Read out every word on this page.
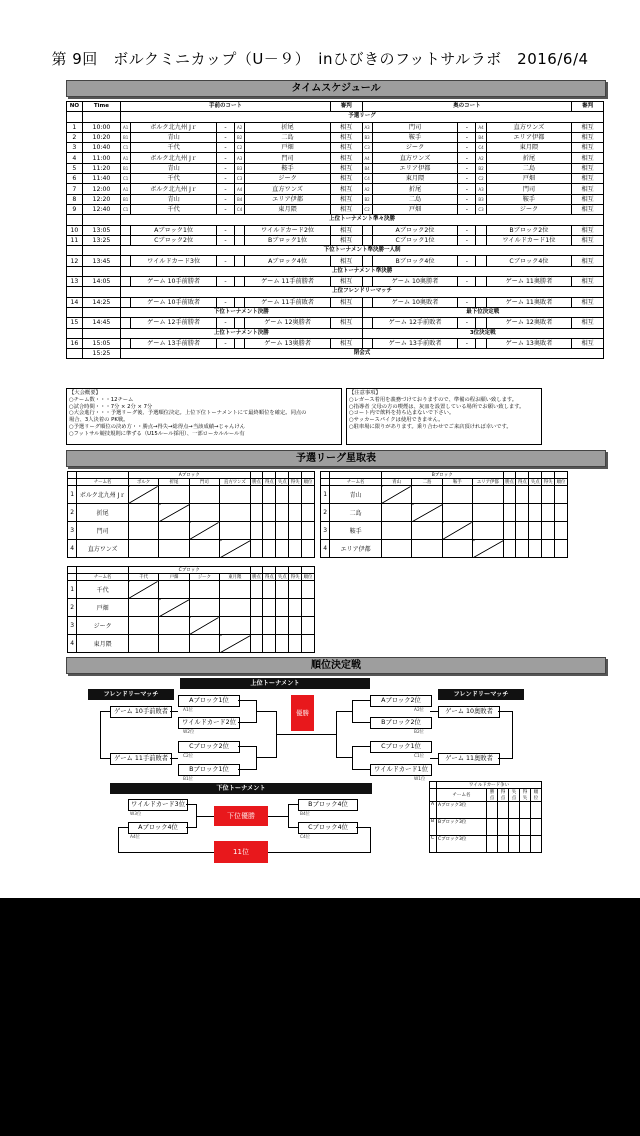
第 9回　ボルクミニカップ（U－９）　inひびきのフットサルラボ　2016/6/4
タイムスケジュール
NO	Time	手前のコート					審判	奥のコート					審判
		予選リーグ											
1	10:00	A1	ボルク北九州 Jｒ	-	A2	折尾	相互	A3	門司	-	A4	直方ワンズ	相互
2	10:20	B1	青山	-	B2	二島	相互	B3	鞍手	-	B4	エリア伊都	相互
3	10:40	C1	千代	-	C2	戸畑	相互	C3	ジーク	-	C4	東月隈	相互
4	11:00	A1	ボルク北九州 Jｒ	-	A3	門司	相互	A4	直方ワンズ	-	A2	折尾	相互
5	11:20	B1	青山	-	B3	鞍手	相互	B4	エリア伊都	-	B2	二島	相互
6	11:40	C1	千代	-	C3	ジーク	相互	C4	東月隈	-	C2	戸畑	相互
7	12:00	A1	ボルク北九州 Jｒ	-	A4	直方ワンズ	相互	A2	折尾	-	A3	門司	相互
8	12:20	B1	青山	-	B4	エリア伊都	相互	B2	二島	-	B3	鞍手	相互
9	12:40	C1	千代	-	C4	東月隈	相互	C2	戸畑	-	C3	ジーク	相互
		上位トーナメント準々決勝											
10	13:05		Aブロック1位	-		ワイルドカード2位	相互		Aブロック2位	-		Bブロック2位	相互
11	13:25		Cブロック2位	-		Bブロック1位	相互		Cブロック1位	-		ワイルドカード1位	相互
		下位トーナメント準決勝一人制											
12	13:45		ワイルドカード3位	-		Aブロック4位	相互		Bブロック4位	-		Cブロック4位	相互
		上位トーナメント準決勝											
13	14:05		ゲーム 10手前勝者	-		ゲーム 11手前勝者	相互		ゲーム 10奥勝者	-		ゲーム 11奥勝者	相互
		上位フレンドリーマッチ											
14	14:25		ゲーム 10手前敗者	-		ゲーム 11手前敗者	相互		ゲーム 10奥敗者	-		ゲーム 11奥敗者	相互
		下位トーナメント決勝						最下位決定戦					
15	14:45		ゲーム 12手前勝者	-		ゲーム 12奥勝者	相互		ゲーム 12手前敗者	-		ゲーム 12奥敗者	相互
		上位トーナメント決勝						3位決定戦					
16	15:05		ゲーム 13手前勝者	-		ゲーム 13奥勝者	相互		ゲーム 13手前敗者	-		ゲーム 13奥敗者	相互
	15:25	閉会式											
【大会概要】
○チーム数・・・12チーム
○試合時間・・・7分 × 2分 × 7分
○大会進行・・・予選リーグ後、予選順位決定。上位下位トーナメントにて最終順位を確定。同点の
場合、3人決着の PK戦。
○予選リーグ順位の決め方・・勝点→得失→総得点→当該成績→じゃんけん
○フットサル競技規則に準ずる（U15ルール採用）、一部ローカルルール有
【注意事項】
○レガース着用を義務づけておりますので、準備の程お願い致します。
○指導者 父母の方の喫煙は、灰皿を設置している場所でお願い致します。
○コート内で飲料を持ち込まないで下さい。
○サッカースパイクは使用できません。
○駐車場に限りがあります。乗り合わせでご来店頂ければ幸いです。
予選リーグ星取表
		Aブロック								
	チーム名	ボルク	折尾	門司	直方ワンズ	勝点	得点	失点	得失	順位
1	ボルク北九州 Jｒ									
2	折尾									
3	門司									
4	直方ワンズ									
		Bブロック								
	チーム名	青山	二島	鞍手	エリア伊都	勝点	得点	失点	得失	順位
1	青山									
2	二島									
3	鞍手									
4	エリア伊都									
		Cブロック								
	チーム名	千代	戸畑	ジーク	東月隈	勝点	得点	失点	得失	順位
1	千代									
2	戸畑									
3	ジーク									
4	東月隈									
順位決定戦
上位トーナメント
フレンドリーマッチ	フレンドリーマッチ
Aブロック1位
A1位
ワイルドカード2位
W2位
Cブロック2位
C2位
Bブロック1位
B1位
Aブロック2位
A2位
Bブロック2位
B2位
Cブロック1位
C1位
ワイルドカード1位
W1位
優勝
ゲーム 10手前敗者
ゲーム 11手前敗者
ゲーム 10奥敗者
ゲーム 11奥敗者
下位トーナメント
ワイルドカード3位
W3位
Aブロック4位
A4位
Bブロック4位
B4位
Cブロック4位
C4位
下位優勝
11位
	ワイルドカード争い					
	チーム名	勝点	得点	失点	得失	順位
A	Aブロック3位					
B	Bブロック3位					
C	Cブロック3位					
